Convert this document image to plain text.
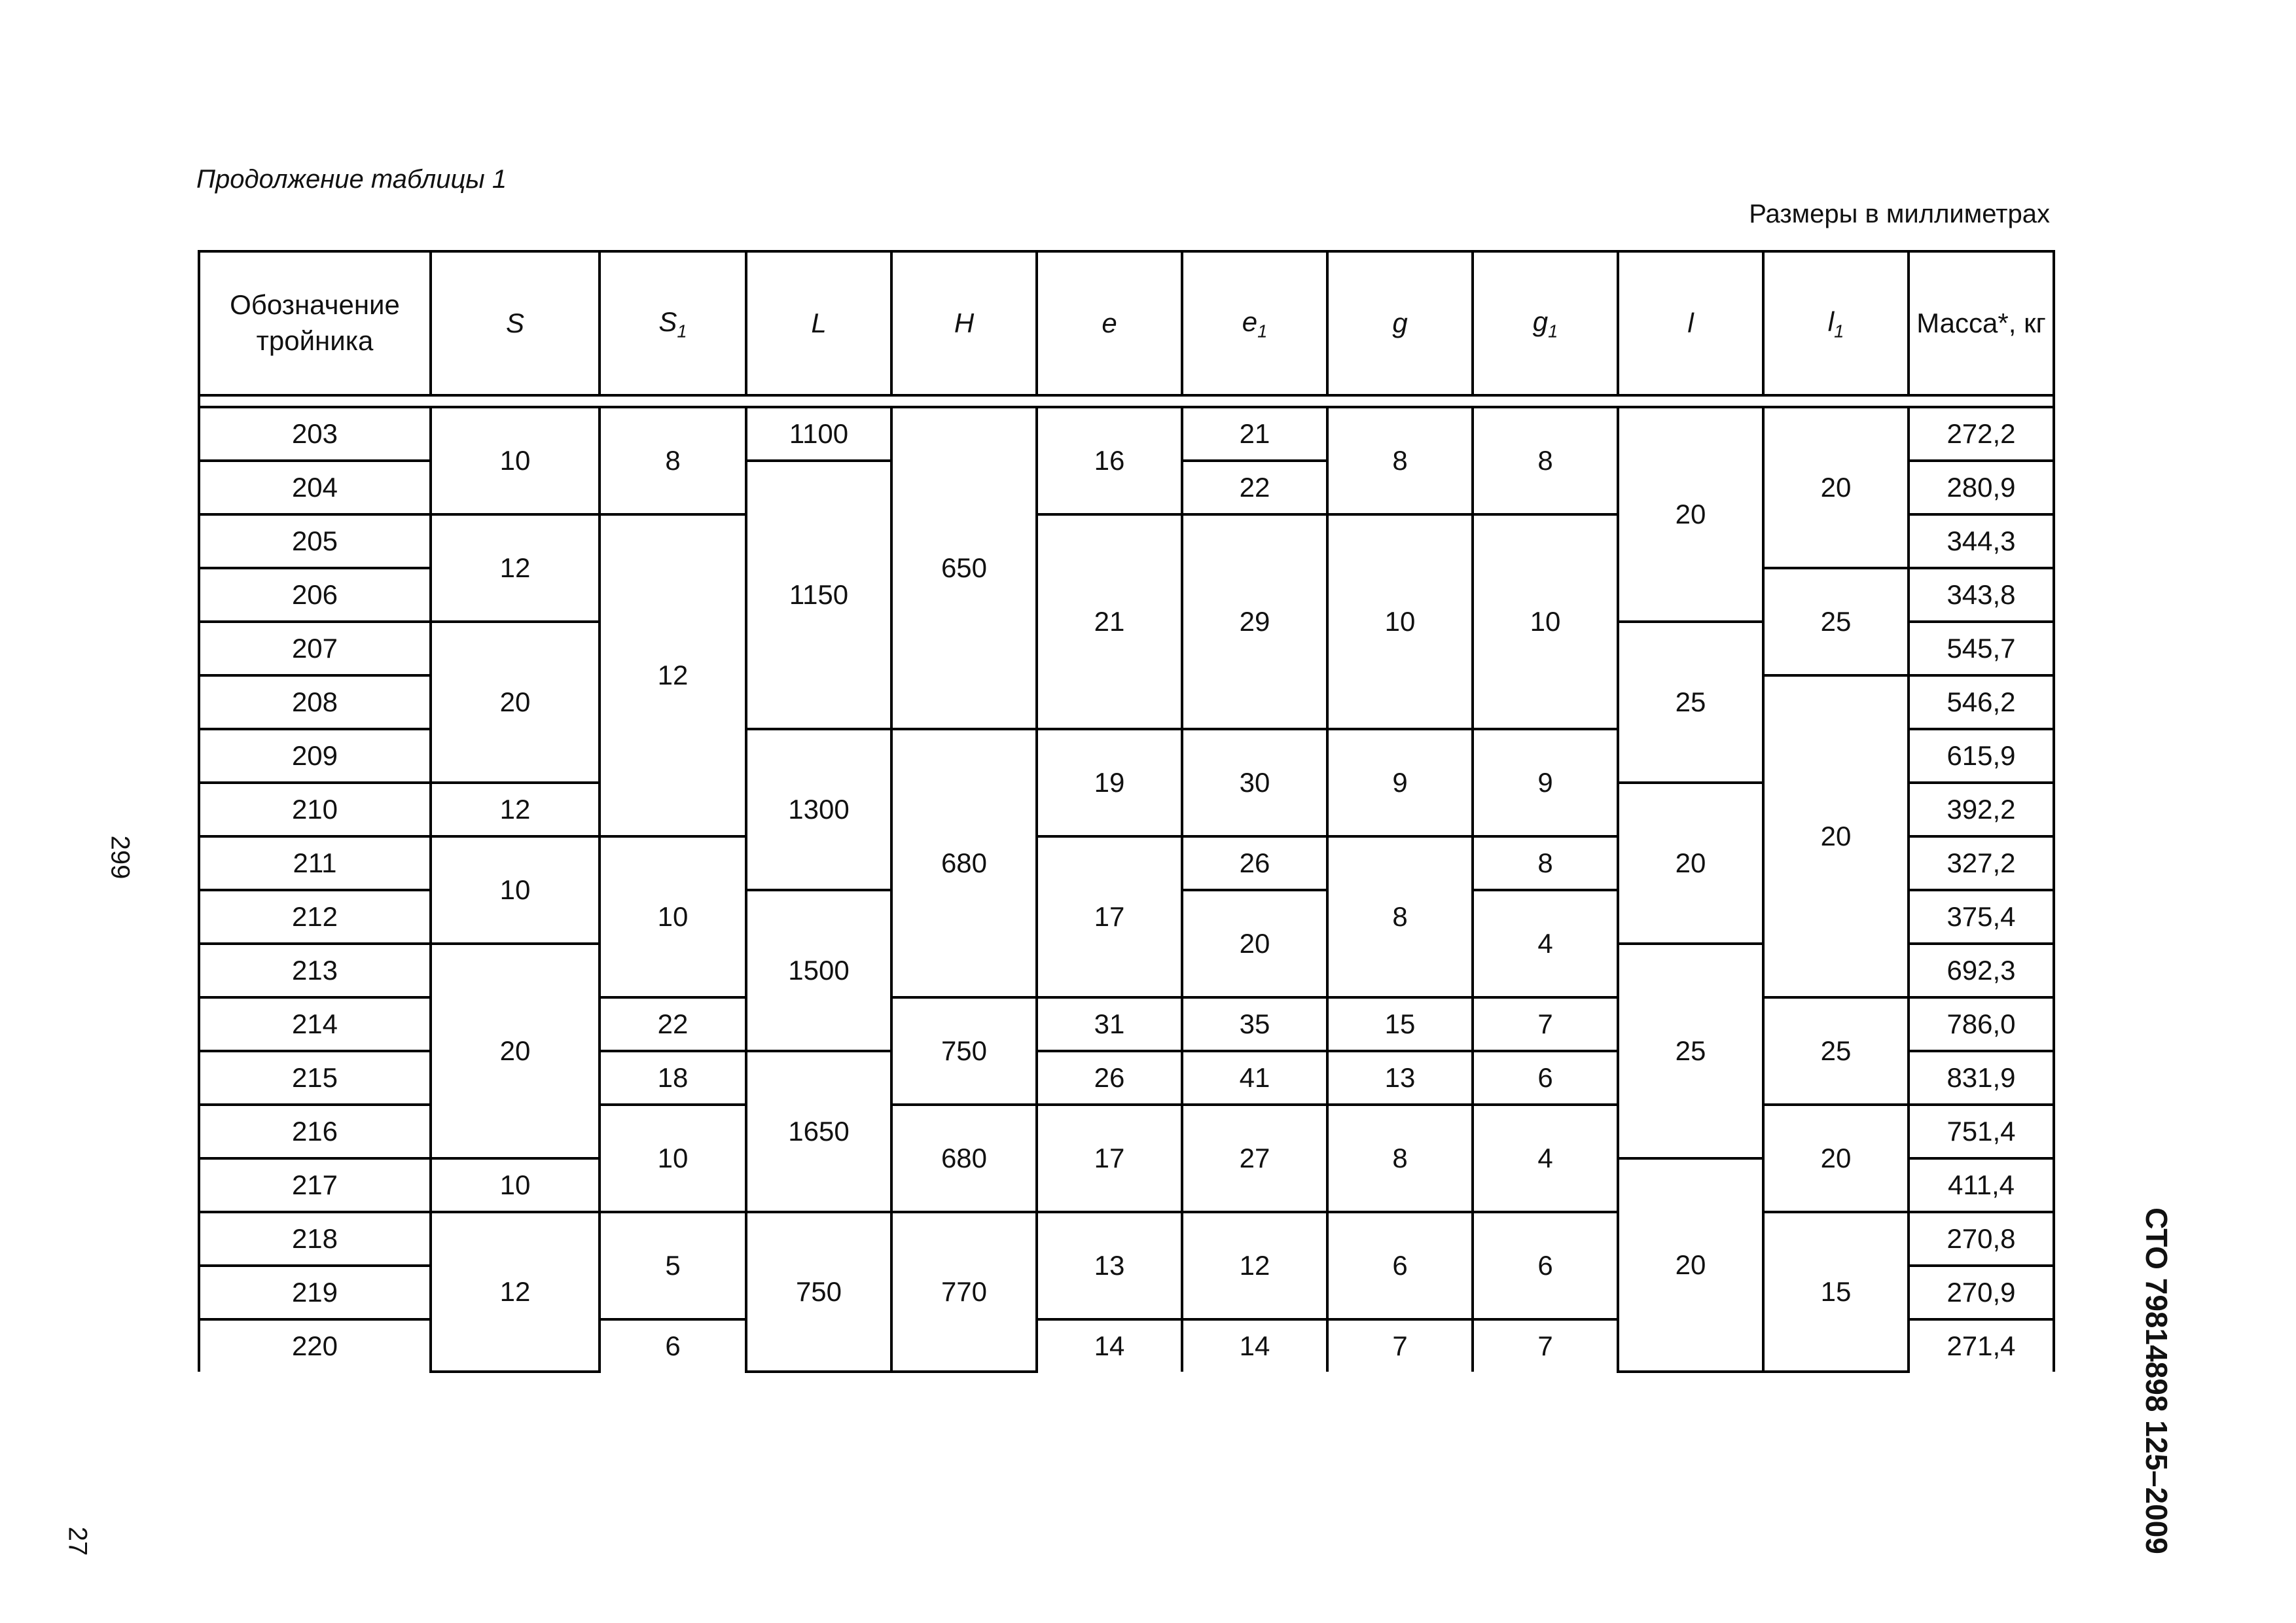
Продолжение таблицы 1
Размеры в миллиметрах
299
27	СТО 79814898 125–2009
Обозначение тройника	S	$S_1$	L	H	e	$e_1$	g	$g_1$	l	$l_1$	Масса*, кг

203	10	8	1100	650	16	21	8	8	20	20	272,2
204			1150			22					280,9
205	12	12			21	29	10	10			344,3
206										25	343,8
207	20								25		545,7
208										20	546,2
209			1300	680	19	30	9	9			615,9
210	12								20		392,2
211	10	10			17	26	8	8			327,2
212			1500			20		4			375,4
213	20								25		692,3
214		22		750	31	35	15	7		25	786,0
215		18	1650		26	41	13	6			831,9
216		10		680	17	27	8	4		20	751,4
217	10								20		411,4
218	12	5	750	770	13	12	6	6		15	270,8
219											270,9
220		6			14	14	7	7			271,4
